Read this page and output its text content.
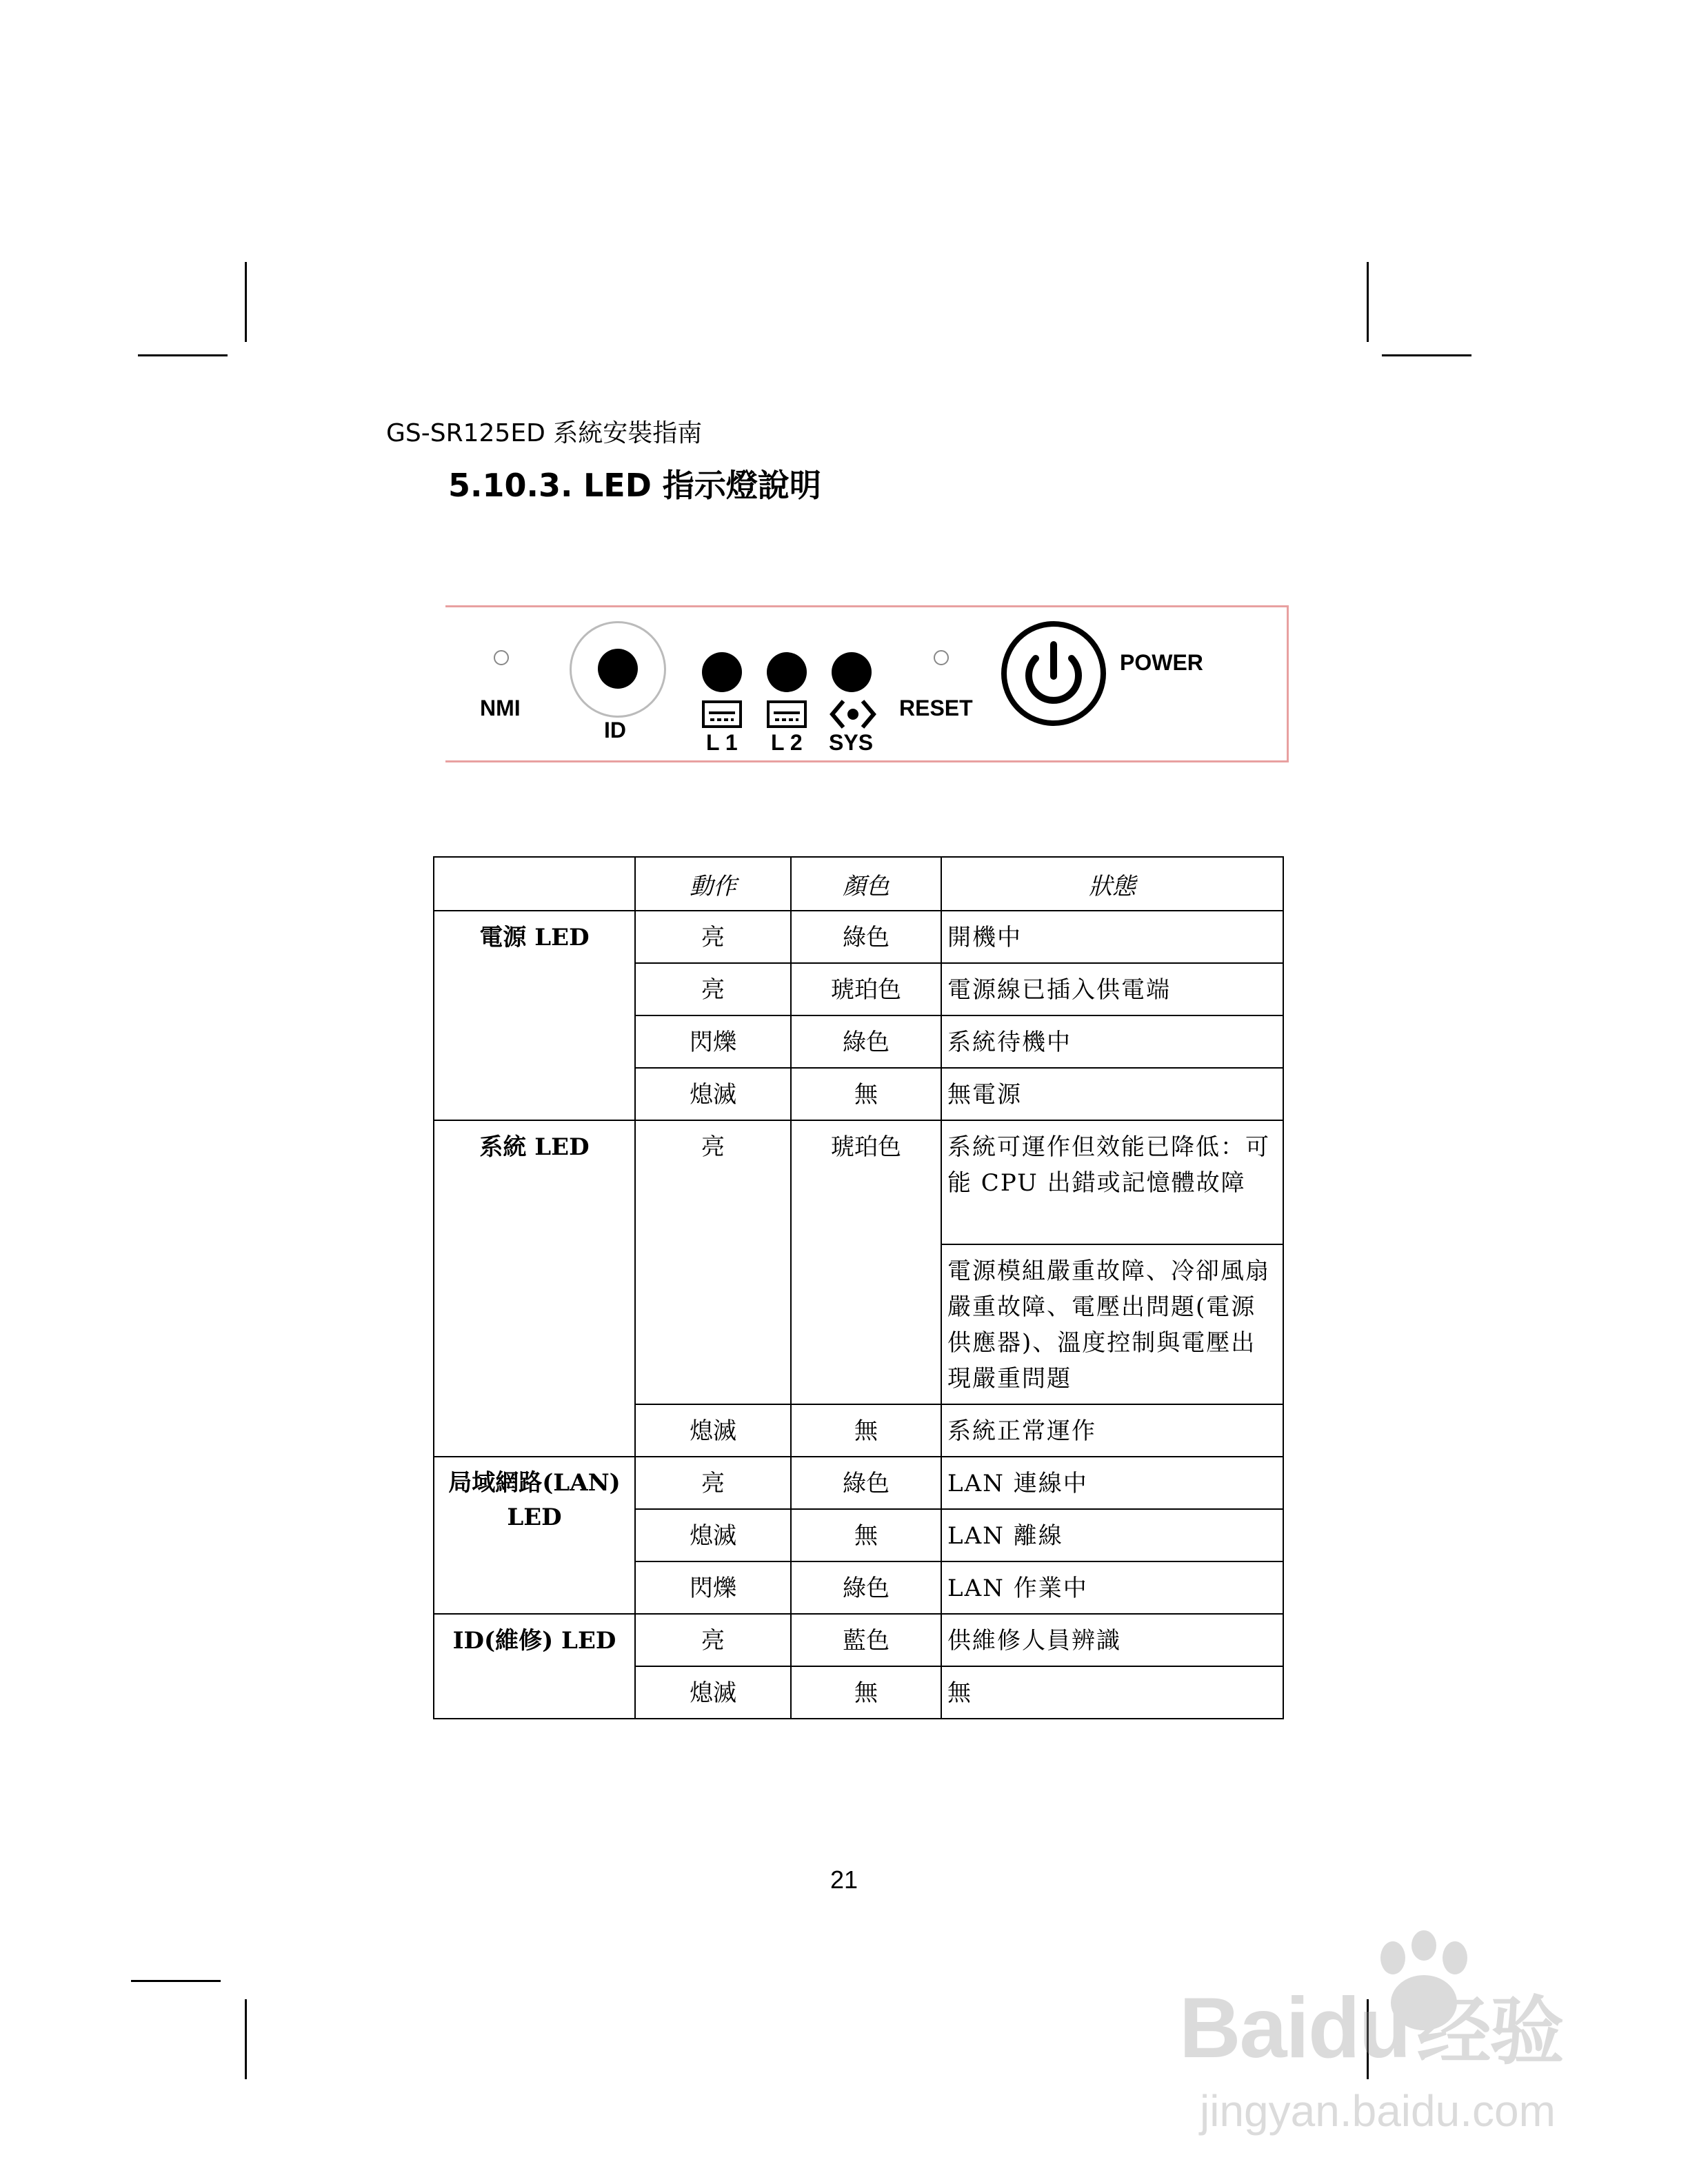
GS-SR125ED 系統安裝指南
5.10.3. LED 指示燈說明
NMI
ID	L 1 L 2 SYS
RESET
POWER
	動作	顏色	狀態

電源 LED	亮	綠色	開機中

	亮	琥珀色	電源線已插入供電端

	閃爍	綠色	系統待機中

	熄滅	無	無電源

系統 LED	亮	琥珀色	系統可運作但效能已降低：可能 CPU 出錯或記憶體故障

			電源模組嚴重故障、冷卻風扇嚴重故障、電壓出問題(電源供應器)、溫度控制與電壓出現嚴重問題

	熄滅	無	系統正常運作

局域網路(LAN)
LED	亮	綠色	LAN 連線中

	熄滅	無	LAN 離線

	閃爍	綠色	LAN 作業中

ID(維修) LED	亮	藍色	供維修人員辨識

	熄滅	無	無
21
Baidu经验
jingyan.baidu.com
